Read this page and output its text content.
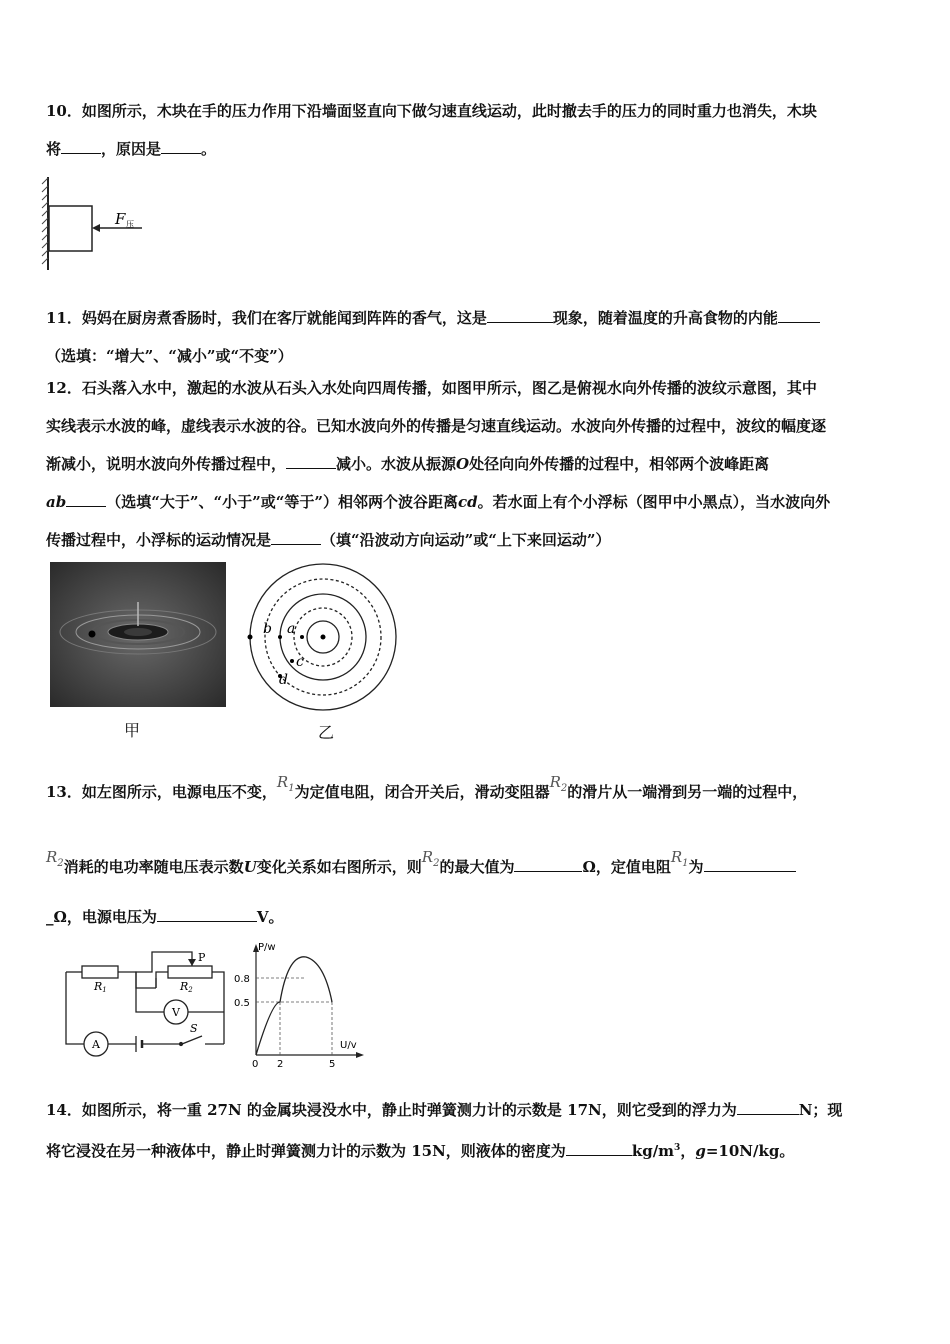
10．如图所示，木块在手的压力作用下沿墙面竖直向下做匀速直线运动，此时撤去手的压力的同时重力也消失，木块

将	，原因是	。

F 压

11．妈妈在厨房煮香肠时，我们在客厅就能闻到阵阵的香气，这是	现象，随着温度的升高食物的内能

（选填：“增大”、“减小”或“不变”）

12．石头落入水中，激起的水波从石头入水处向四周传播，如图甲所示，图乙是俯视水向外传播的波纹示意图，其中

实线表示水波的峰，虚线表示水波的谷。已知水波向外的传播是匀速直线运动。水波向外传播的过程中，波纹的幅度逐

渐减小，说明水波向外传播过程中，	减小。水波从振源O处径向向外传播的过程中，相邻两个波峰距离

ab	（选填“大于”、“小于”或“等于”）相邻两个波谷距离cd。若水面上有个小浮标（图甲中小黑点），当水波向外

传播过程中，小浮标的运动情况是	（填“沿波动方向运动”或“上下来回运动”）

甲
b a
c
d
乙

13．如左图所示，电源电压不变，$R_1$为定值电阻，闭合开关后，滑动变阻器$R_2$的滑片从一端滑到另一端的过程中，

$R_2$消耗的电功率随电压表示数U变化关系如右图所示，则$R_2$的最大值为	Ω，定值电阻$R_1$为

_Ω，电源电压为	V。

R1	R2
P
V
A
S
P/w
U/v
0.8
0.5
0 2	5

14．如图所示，将一重 27N 的金属块浸没水中，静止时弹簧测力计的示数是 17N，则它受到的浮力为	N；现

将它浸没在另一种液体中，静止时弹簧测力计的示数为 15N，则液体的密度为	$kg/m^3$，g=10N/kg。
